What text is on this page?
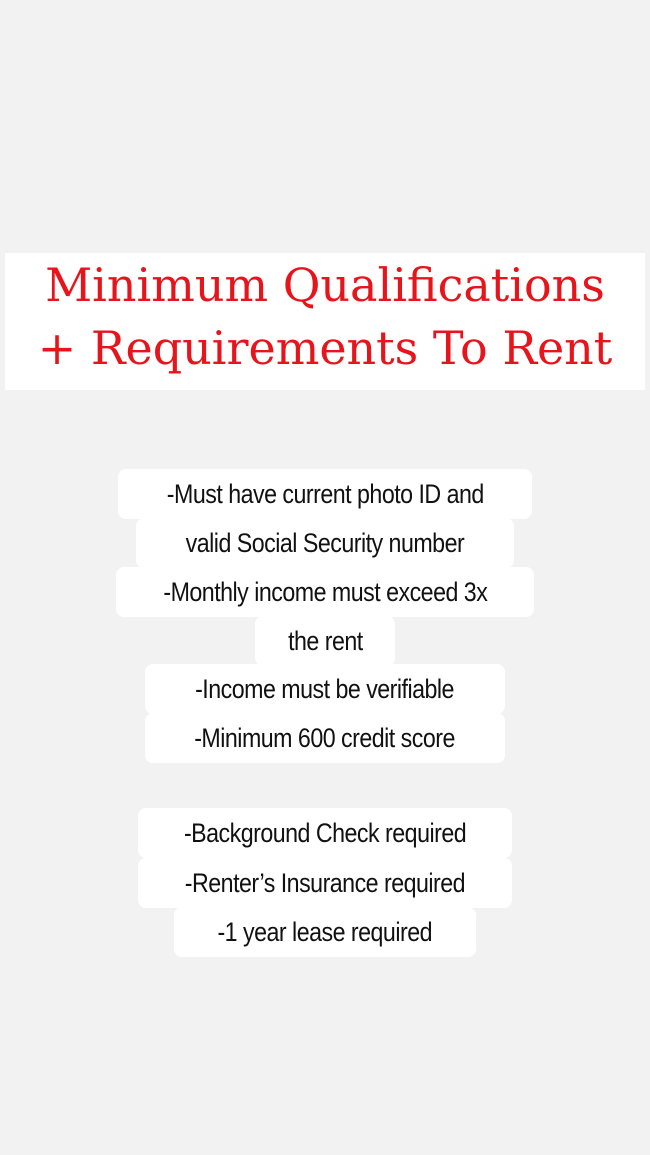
Minimum Qualifications
+ Requirements To Rent
-Must have current photo ID and
valid Social Security number
-Monthly income must exceed 3x
the rent
-Income must be verifiable
-Minimum 600 credit score
-Background Check required
-Renter’s Insurance required
-1 year lease required
